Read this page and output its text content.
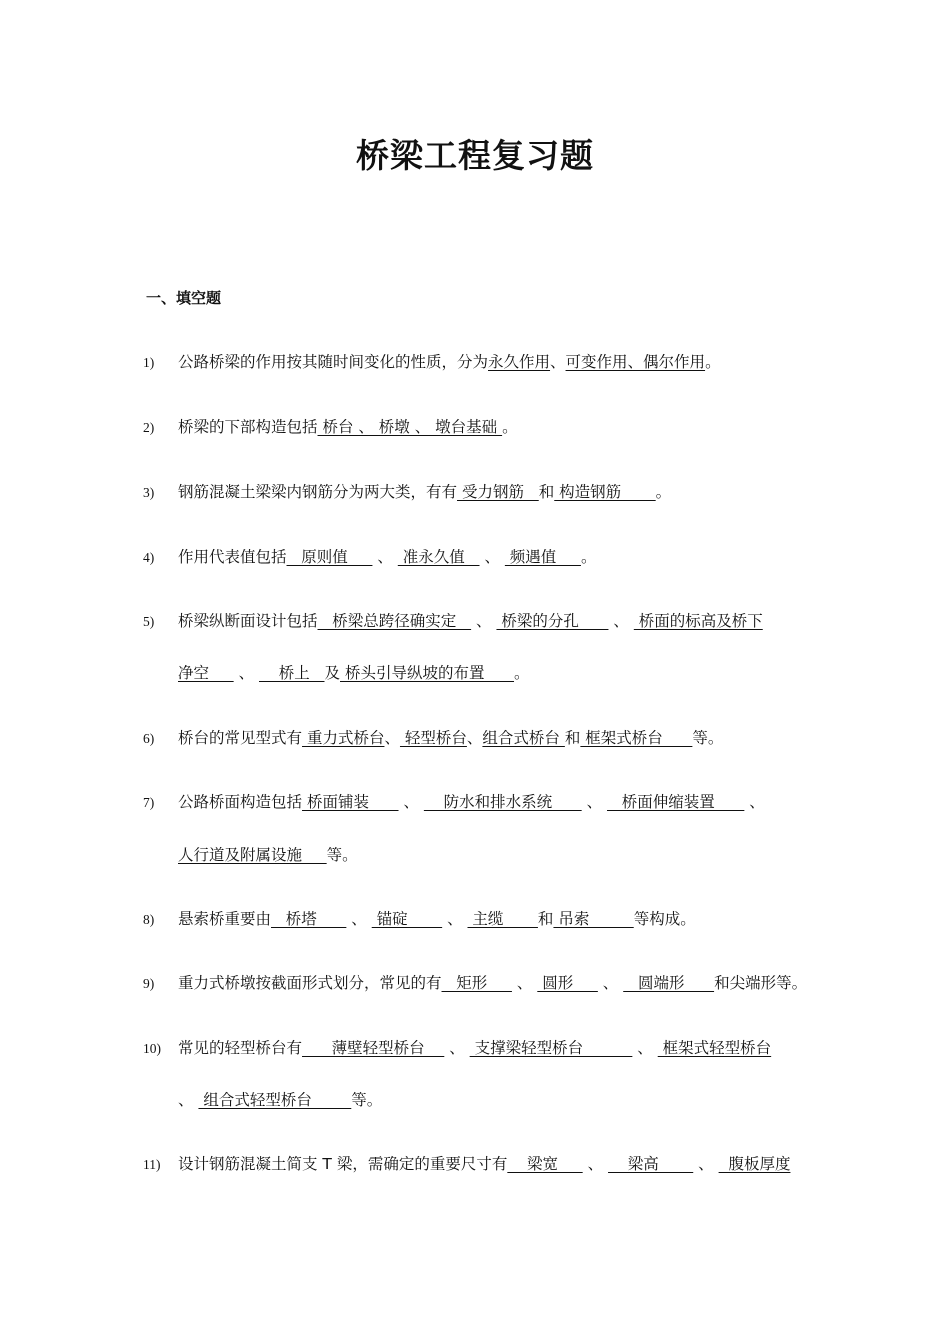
桥梁工程复习题
一、填空题
1) 公路桥梁的作用按其随时间变化的性质，分为永久作用、可变作用、偶尔作用。
2) 桥梁的下部构造包括 桥台 、 桥墩 、 墩台基础 。
3) 钢筋混凝土梁梁内钢筋分为两大类，有有 受力钢筋   和 构造钢筋       。
4) 作用代表值包括   原则值      、  准永久值    、  频遇值     。
5) 桥梁纵断面设计包括   桥梁总跨径确实定    、  桥梁的分孔       、  桥面的标高及桥下
净空      、     桥上   及 桥头引导纵坡的布置      。
6) 桥台的常见型式有 重力式桥台、 轻型桥台、组合式桥台 和 框架式桥台      等。
7) 公路桥面构造包括 桥面铺装       、     防水和排水系统       、    桥面伸缩装置       、
人行道及附属设施     等。
8) 悬索桥重要由   桥塔       、  锚碇        、  主缆       和 吊索         等构成。
9) 重力式桥墩按截面形式划分，常见的有   矩形      、  圆形      、    圆端形      和尖端形等。
10) 常见的轻型桥台有      薄壁轻型桥台     、  支撑梁轻型桥台           、  框架式轻型桥台
、  组合式轻型桥台        等。
11) 设计钢筋混凝土简支 T 梁，需确定的重要尺寸有    梁宽      、     梁高        、   腹板厚度
